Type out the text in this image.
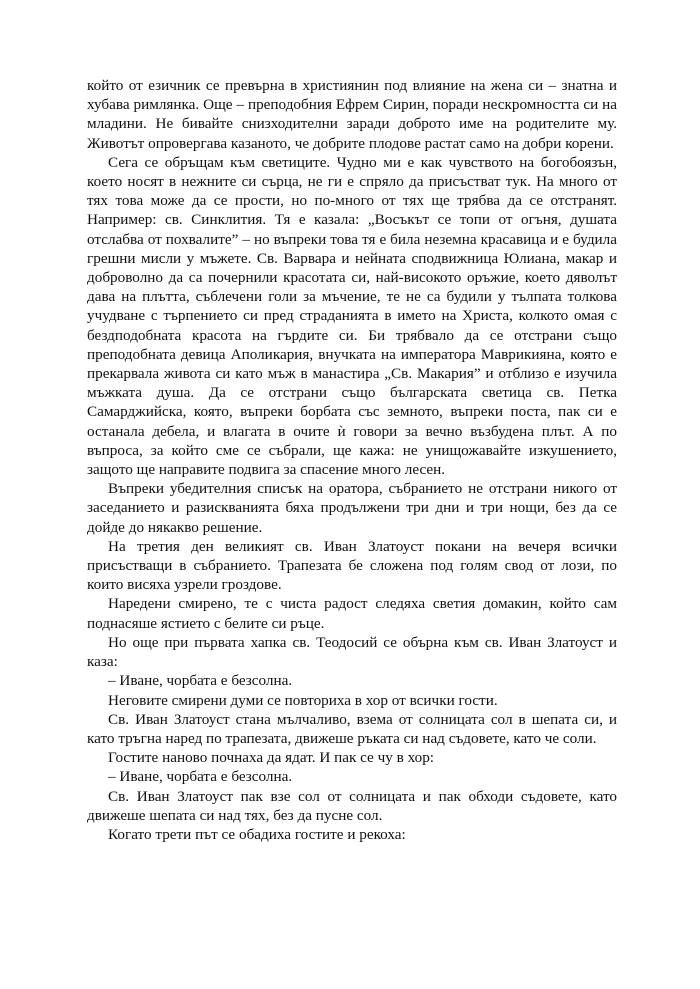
който от езичник се превърна в християнин под влияние на жена си – знатна и хубава римлянка. Още – преподобния Ефрем Сирин, поради нескромността си на младини. Не бивайте снизходителни заради доброто име на родителите му. Животът опровергава казаното, че добрите плодове растат само на добри корени.

Сега се обръщам към светиците. Чудно ми е как чувството на богобоязън, което носят в нежните си сърца, не ги е спряло да присъстват тук. На много от тях това може да се прости, но по-много от тях ще трябва да се отстранят. Например: св. Синклития. Тя е казала: „Восъкът се топи от огъня, душата отслабва от похвалите” – но въпреки това тя е била неземна красавица и е будила грешни мисли у мъжете. Св. Варвара и нейната сподвижница Юлиана, макар и доброволно да са почернили красотата си, най-високото оръжие, което дяволът дава на плътта, съблечени голи за мъчение, те не са будили у тълпата толкова учудване с търпението си пред страданията в името на Христа, колкото омая с бездподобната красота на гърдите си. Би трябвало да се отстрани също преподобната девица Аполикария, внучката на императора Маврикияна, която е прекарвала живота си като мъж в манастира „Св. Макария” и отблизо е изучила мъжката душа. Да се отстрани също българската светица св. Петка Самарджийска, която, въпреки борбата със земното, въпреки поста, пак си е останала дебела, и влагата в очите ѝ говори за вечно възбудена плът. А по въпроса, за който сме се събрали, ще кажа: не унищожавайте изкушението, защото ще направите подвига за спасение много лесен.

Въпреки убедителния списък на оратора, събранието не отстрани никого от заседанието и разискванията бяха продължени три дни и три нощи, без да се дойде до някакво решение.

На третия ден великият св. Иван Златоуст покани на вечеря всички присъстващи в събранието. Трапезата бе сложена под голям свод от лози, по които висяха узрели гроздове.

Наредени смирено, те с чиста радост следяха светия домакин, който сам поднасяше ястието с белите си ръце.

Но още при първата хапка св. Теодосий се обърна към св. Иван Златоуст и каза:

– Иване, чорбата е безсолна.

Неговите смирени думи се повториха в хор от всички гости.

Св. Иван Златоуст стана мълчаливо, взема от солницата сол в шепата си, и като тръгна наред по трапезата, движеше ръката си над съдовете, като че соли.

Гостите наново почнаха да ядат. И пак се чу в хор:

– Иване, чорбата е безсолна.

Св. Иван Златоуст пак взе сол от солницата и пак обходи съдовете, като движеше шепата си над тях, без да пусне сол.

Когато трети път се обадиха гостите и рекоха:
